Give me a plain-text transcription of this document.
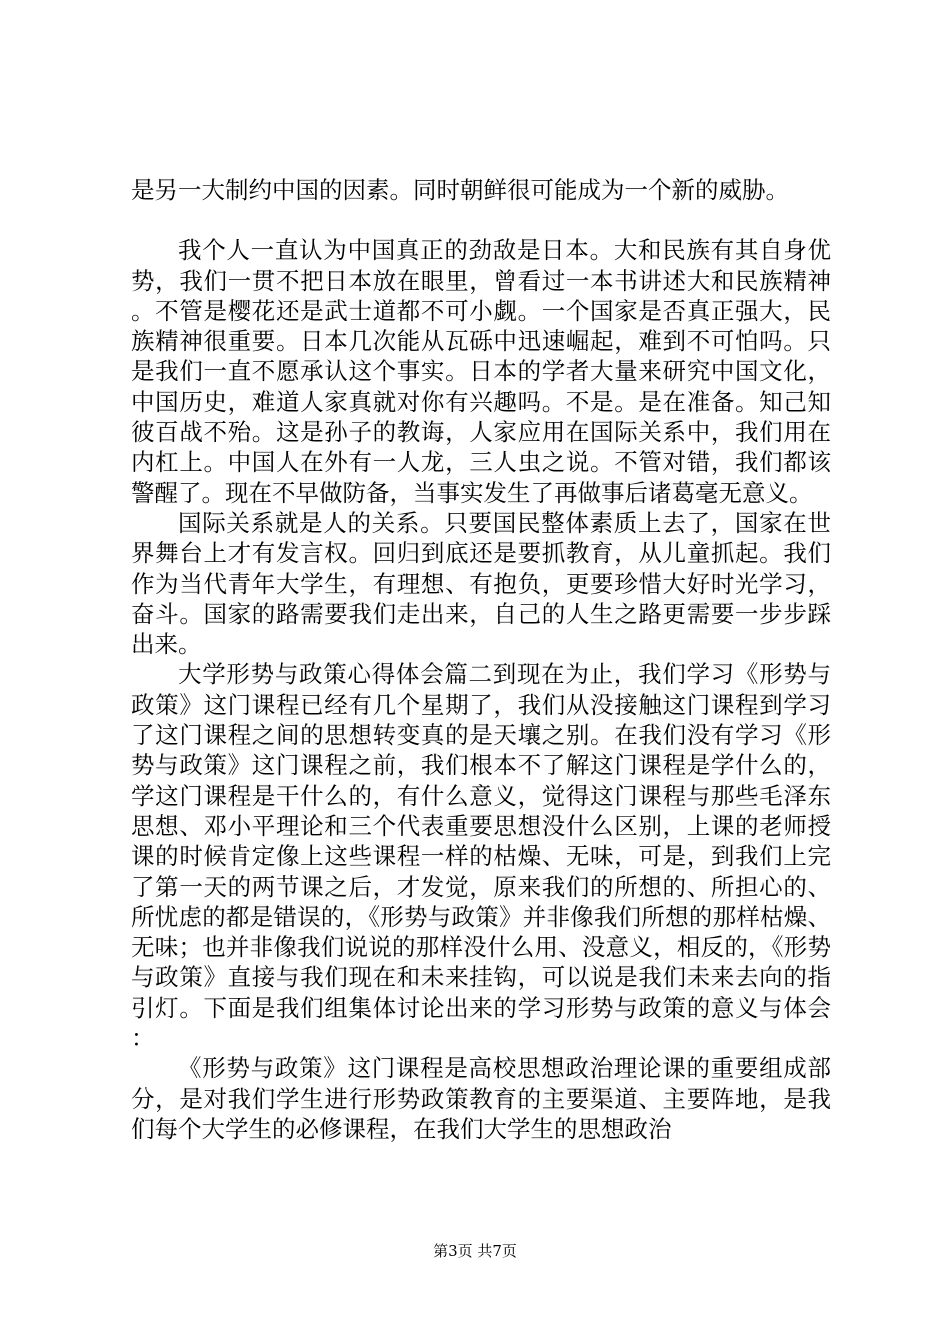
是另一大制约中国的因素。同时朝鲜很可能成为一个新的威胁。

我个人一直认为中国真正的劲敌是日本。大和民族有其自身优势，我们一贯不把日本放在眼里，曾看过一本书讲述大和民族精神。不管是樱花还是武士道都不可小觑。一个国家是否真正强大，民族精神很重要。日本几次能从瓦砾中迅速崛起，难到不可怕吗。只是我们一直不愿承认这个事实。日本的学者大量来研究中国文化，中国历史，难道人家真就对你有兴趣吗。不是。是在准备。知己知彼百战不殆。这是孙子的教诲，人家应用在国际关系中，我们用在内杠上。中国人在外有一人龙，三人虫之说。不管对错，我们都该警醒了。现在不早做防备，当事实发生了再做事后诸葛毫无意义。

国际关系就是人的关系。只要国民整体素质上去了，国家在世界舞台上才有发言权。回归到底还是要抓教育，从儿童抓起。我们作为当代青年大学生，有理想、有抱负，更要珍惜大好时光学习，奋斗。国家的路需要我们走出来，自己的人生之路更需要一步步踩出来。

大学形势与政策心得体会篇二到现在为止，我们学习《形势与政策》这门课程已经有几个星期了，我们从没接触这门课程到学习了这门课程之间的思想转变真的是天壤之别。在我们没有学习《形势与政策》这门课程之前，我们根本不了解这门课程是学什么的，学这门课程是干什么的，有什么意义，觉得这门课程与那些毛泽东思想、邓小平理论和三个代表重要思想没什么区别，上课的老师授课的时候肯定像上这些课程一样的枯燥、无味，可是，到我们上完了第一天的两节课之后，才发觉，原来我们的所想的、所担心的、所忧虑的都是错误的，《形势与政策》并非像我们所想的那样枯燥、无味；也并非像我们说说的那样没什么用、没意义，相反的，《形势与政策》直接与我们现在和未来挂钩，可以说是我们未来去向的指引灯。下面是我们组集体讨论出来的学习形势与政策的意义与体会：

《形势与政策》这门课程是高校思想政治理论课的重要组成部分，是对我们学生进行形势政策教育的主要渠道、主要阵地，是我们每个大学生的必修课程，在我们大学生的思想政治

第3页 共7页
